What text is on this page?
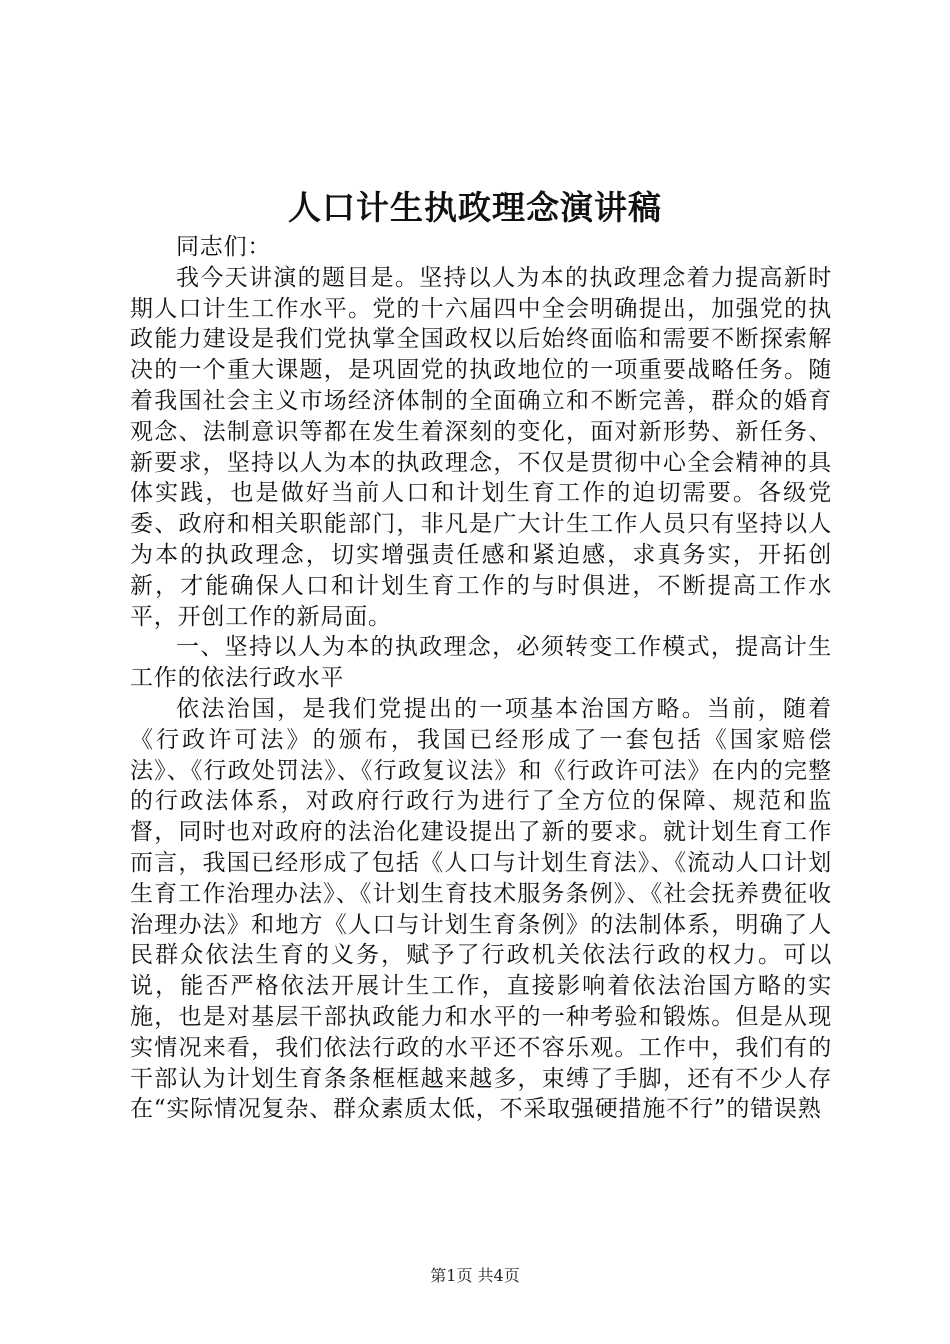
人口计生执政理念演讲稿

同志们：

我今天讲演的题目是。坚持以人为本的执政理念着力提高新时期人口计生工作水平。党的十六届四中全会明确提出，加强党的执政能力建设是我们党执掌全国政权以后始终面临和需要不断探索解决的一个重大课题，是巩固党的执政地位的一项重要战略任务。随着我国社会主义市场经济体制的全面确立和不断完善，群众的婚育观念、法制意识等都在发生着深刻的变化，面对新形势、新任务、新要求，坚持以人为本的执政理念，不仅是贯彻中心全会精神的具体实践，也是做好当前人口和计划生育工作的迫切需要。各级党委、政府和相关职能部门，非凡是广大计生工作人员只有坚持以人为本的执政理念，切实增强责任感和紧迫感，求真务实，开拓创新，才能确保人口和计划生育工作的与时俱进，不断提高工作水平，开创工作的新局面。

一、坚持以人为本的执政理念，必须转变工作模式，提高计生工作的依法行政水平

依法治国，是我们党提出的一项基本治国方略。当前，随着《行政许可法》的颁布，我国已经形成了一套包括《国家赔偿法》、《行政处罚法》、《行政复议法》和《行政许可法》在内的完整的行政法体系，对政府行政行为进行了全方位的保障、规范和监督，同时也对政府的法治化建设提出了新的要求。就计划生育工作而言，我国已经形成了包括《人口与计划生育法》、《流动人口计划生育工作治理办法》、《计划生育技术服务条例》、《社会抚养费征收治理办法》和地方《人口与计划生育条例》的法制体系，明确了人民群众依法生育的义务，赋予了行政机关依法行政的权力。可以说，能否严格依法开展计生工作，直接影响着依法治国方略的实施，也是对基层干部执政能力和水平的一种考验和锻炼。但是从现实情况来看，我们依法行政的水平还不容乐观。工作中，我们有的干部认为计划生育条条框框越来越多，束缚了手脚，还有不少人存在“实际情况复杂、群众素质太低，不采取强硬措施不行”的错误熟

第1页 共4页
